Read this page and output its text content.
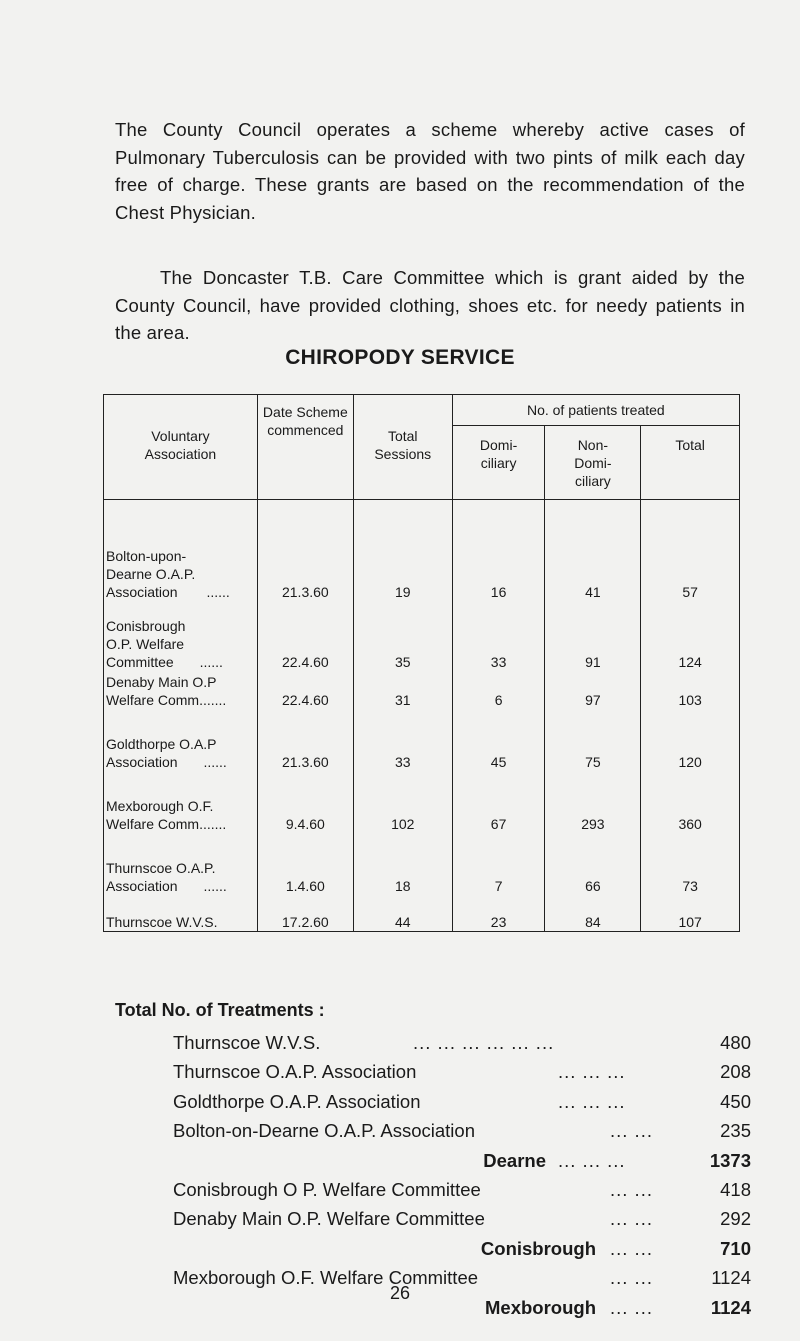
The County Council operates a scheme whereby active cases of Pulmonary Tuberculosis can be provided with two pints of milk each day free of charge. These grants are based on the recommendation of the Chest Physician.

The Doncaster T.B. Care Committee which is grant aided by the County Council, have provided clothing, shoes etc. for needy patients in the area.

CHIROPODY SERVICE
Voluntary Association	Date Scheme commenced	Total Sessions	No. of patients treated		
			Domi- ciliary	Non- Domi- ciliary	Total

Bolton-upon-
Dearne O.A.P.
Association ......	21.3.60	19	16	41	57

Conisbrough
O.P. Welfare
Committee ......	22.4.60	35	33	91	124

Denaby Main O.P
Welfare Comm.......	22.4.60	31	6	97	103

Goldthorpe O.A.P
Association ......	21.3.60	33	45	75	120

Mexborough O.F.
Welfare Comm.......	9.4.60	102	67	293	360

Thurnscoe O.A.P.
Association ......	1.4.60	18	7	66	73

Thurnscoe W.V.S.	17.2.60	44	23	84	107
Total No. of Treatments :
Thurnscoe W.V.S.	... ... ... ... ... ...	480
Thurnscoe O.A.P. Association	... ... ...	208
Goldthorpe O.A.P. Association	... ... ...	450
Bolton-on-Dearne O.A.P. Association	... ...	235
Dearne ... ... ...	1373
Conisbrough O P. Welfare Committee	... ...	418
Denaby Main O.P. Welfare Committee	... ...	292
Conisbrough ... ...	710
Mexborough O.F. Welfare Committee	... ...	1124
Mexborough ... ...	1124
26
